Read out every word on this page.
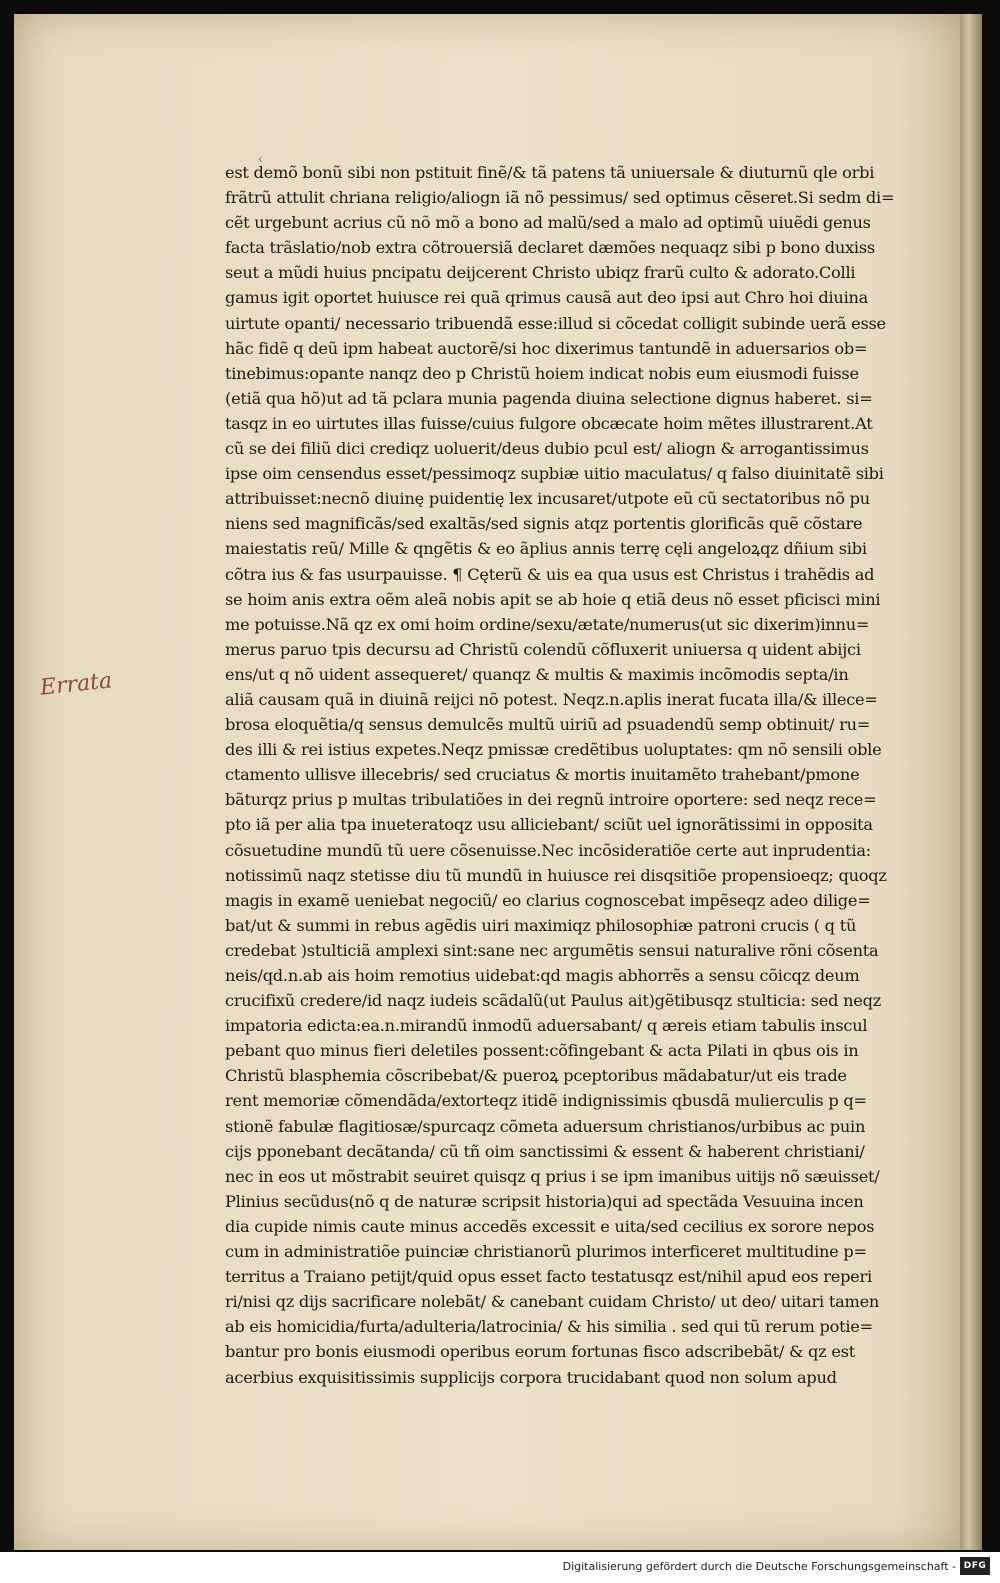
‹
est demõ bonũ sibi non pstituit finẽ/& tã patens tã uniuersale & diuturnũ qle orbi
frãtrũ attulit chriana religio/aliogn iã nõ pessimus/ sed optimus cẽseret.Si sedm di=
cẽt urgebunt acrius cũ nõ mõ a bono ad malũ/sed a malo ad optimũ uiuẽdi genus
facta trãslatio/nob extra cõtrouersiã declaret dæmões nequaqz sibi p bono duxiss
seut a mũdi huius pncipatu deijcerent Christo ubiqz frarũ culto & adorato.Colli
gamus igit oportet huiusce rei quã qrimus causã aut deo ipsi aut Chro hoi diuina
uirtute opanti/ necessario tribuendã esse:illud si cõcedat colligit subinde uerã esse
hãc fidẽ q deũ ipm habeat auctorẽ/si hoc dixerimus tantundẽ in aduersarios ob=
tinebimus:opante nanqz deo p Christũ hoiem indicat nobis eum eiusmodi fuisse
(etiã qua hõ)ut ad tã pclara munia pagenda diuina selectione dignus haberet. si=
tasqz in eo uirtutes illas fuisse/cuius fulgore obcæcate hoim mẽtes illustrarent.At
cũ se dei filiũ dici crediqz uoluerit/deus dubio pcul est/ aliogn & arrogantissimus
ipse oim censendus esset/pessimoqz supbiæ uitio maculatus/ q falso diuinitatẽ sibi
attribuisset:necnõ diuinę puidentię lex incusaret/utpote eũ cũ sectatoribus nõ pu
niens sed magnificãs/sed exaltãs/sed signis atqz portentis glorificãs quẽ cõstare
maiestatis reũ/ Mille & qngẽtis & eo ãplius annis terrę cęli angeloꝝqz dñium sibi
cõtra ius & fas usurpauisse. ¶ Cęterũ & uis ea qua usus est Christus i trahẽdis ad
se hoim anis extra oẽm aleã nobis apit se ab hoie q etiã deus nõ esset pficisci mini
me potuisse.Nã qz ex omi hoim ordine/sexu/ætate/numerus(ut sic dixerim)innu=
merus paruo tpis decursu ad Christũ colendũ cõfluxerit uniuersa q uident abijci
ens/ut q nõ uident assequeret/ quanqz & multis & maximis incõmodis septa/in
aliã causam quã in diuinã reijci nõ potest. Neqz.n.aplis inerat fucata illa/& illece=
brosa eloquẽtia/q sensus demulcẽs multũ uiriũ ad psuadendũ semp obtinuit/ ru=
des illi & rei istius expetes.Neqz pmissæ credẽtibus uoluptates: qm nõ sensili oble
ctamento ullisve illecebris/ sed cruciatus & mortis inuitamẽto trahebant/pmone
bãturqz prius p multas tribulatiões in dei regnũ introire oportere: sed neqz rece=
pto iã per alia tpa inueteratoqz usu alliciebant/ sciũt uel ignorãtissimi in opposita
cõsuetudine mundũ tũ uere cõsenuisse.Nec incõsideratiõe certe aut inprudentia:
notissimũ naqz stetisse diu tũ mundũ in huiusce rei disqsitiõe propensioeqz; quoqz
magis in examẽ ueniebat negociũ/ eo clarius cognoscebat impẽseqz adeo dilige=
bat/ut & summi in rebus agẽdis uiri maximiqz philosophiæ patroni crucis ( q tũ
credebat )stulticiã amplexi sint:sane nec argumẽtis sensui naturalive rõni cõsenta
neis/qd.n.ab ais hoim remotius uidebat:qd magis abhorrẽs a sensu cõicqz deum
crucifixũ credere/id naqz iudeis scãdalũ(ut Paulus ait)gẽtibusqz stulticia: sed neqz
impatoria edicta:ea.n.mirandũ inmodũ aduersabant/ q æreis etiam tabulis inscul
pebant quo minus fieri deletiles possent:cõfingebant & acta Pilati in qbus ois in
Christũ blasphemia cõscribebat/& pueroꝝ pceptoribus mãdabatur/ut eis trade
rent memoriæ cõmendãda/extorteqz itidẽ indignissimis qbusdã mulierculis p q=
stionẽ fabulæ flagitiosæ/spurcaqz cõmeta aduersum christianos/urbibus ac puin
cijs pponebant decãtanda/ cũ tñ oim sanctissimi & essent & haberent christiani/
nec in eos ut mõstrabit seuiret quisqz q prius i se ipm imanibus uitijs nõ sæuisset/
Plinius secũdus(nõ q de naturæ scripsit historia)qui ad spectãda Vesuuina incen
dia cupide nimis caute minus accedẽs excessit e uita/sed cecilius ex sorore nepos
cum in administratiõe puinciæ christianorũ plurimos interficeret multitudine p=
territus a Traiano petijt/quid opus esset facto testatusqz est/nihil apud eos reperi
ri/nisi qz dijs sacrificare nolebãt/ & canebant cuidam Christo/ ut deo/ uitari tamen
ab eis homicidia/furta/adulteria/latrocinia/ & his similia . sed qui tũ rerum potie=
bantur pro bonis eiusmodi operibus eorum fortunas fisco adscribebãt/ & qz est
acerbius exquisitissimis supplicijs corpora trucidabant quod non solum apud
Errata
Digitalisierung gefördert durch die Deutsche Forschungsgemeinschaft - DFG
